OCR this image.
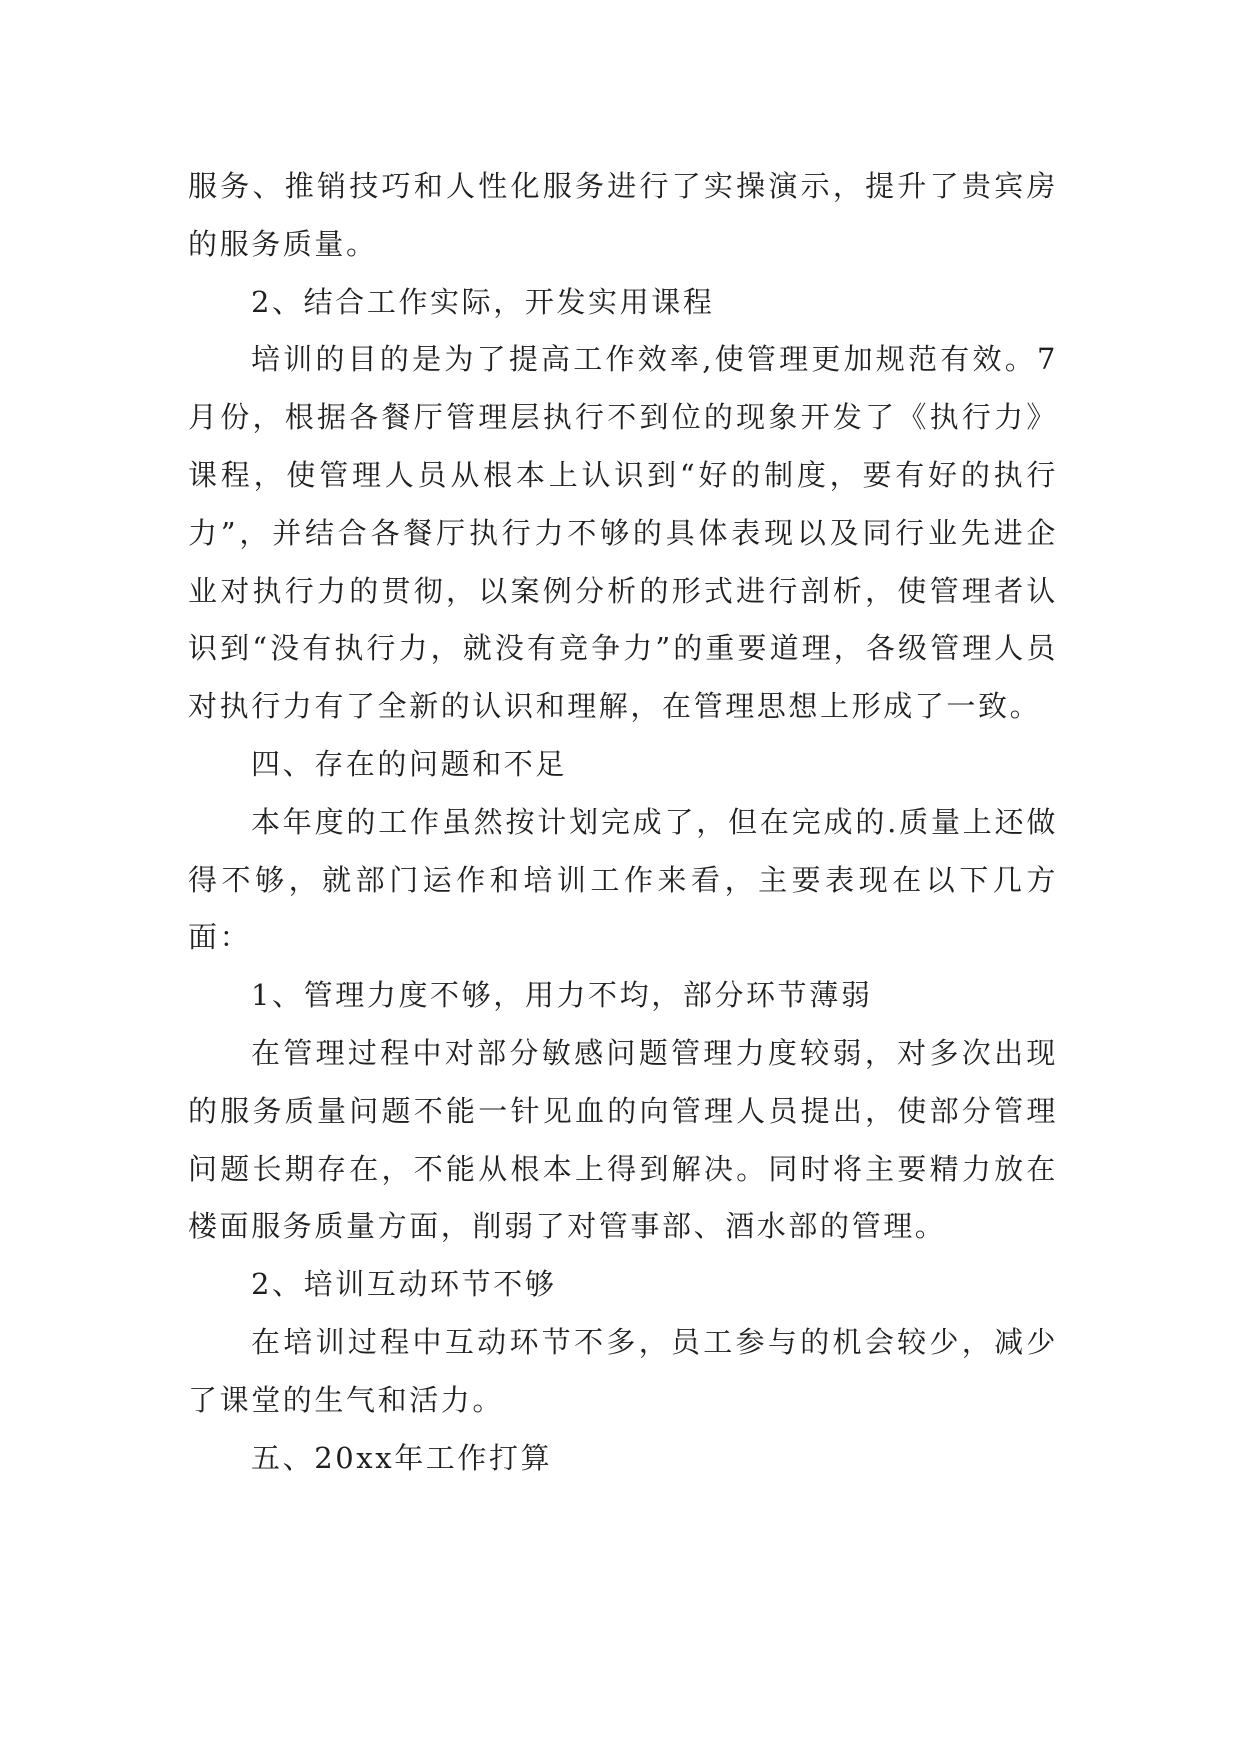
服务、推销技巧和人性化服务进行了实操演示，提升了贵宾房的服务质量。

2、结合工作实际，开发实用课程

培训的目的是为了提高工作效率,使管理更加规范有效。7月份，根据各餐厅管理层执行不到位的现象开发了《执行力》课程，使管理人员从根本上认识到“好的制度，要有好的执行力”，并结合各餐厅执行力不够的具体表现以及同行业先进企业对执行力的贯彻，以案例分析的形式进行剖析，使管理者认识到“没有执行力，就没有竞争力”的重要道理，各级管理人员对执行力有了全新的认识和理解，在管理思想上形成了一致。

四、存在的问题和不足

本年度的工作虽然按计划完成了，但在完成的.质量上还做得不够，就部门运作和培训工作来看，主要表现在以下几方面：

1、管理力度不够，用力不均，部分环节薄弱

在管理过程中对部分敏感问题管理力度较弱，对多次出现的服务质量问题不能一针见血的向管理人员提出，使部分管理问题长期存在，不能从根本上得到解决。同时将主要精力放在楼面服务质量方面，削弱了对管事部、酒水部的管理。

2、培训互动环节不够

在培训过程中互动环节不多，员工参与的机会较少，减少了课堂的生气和活力。

五、20xx年工作打算
